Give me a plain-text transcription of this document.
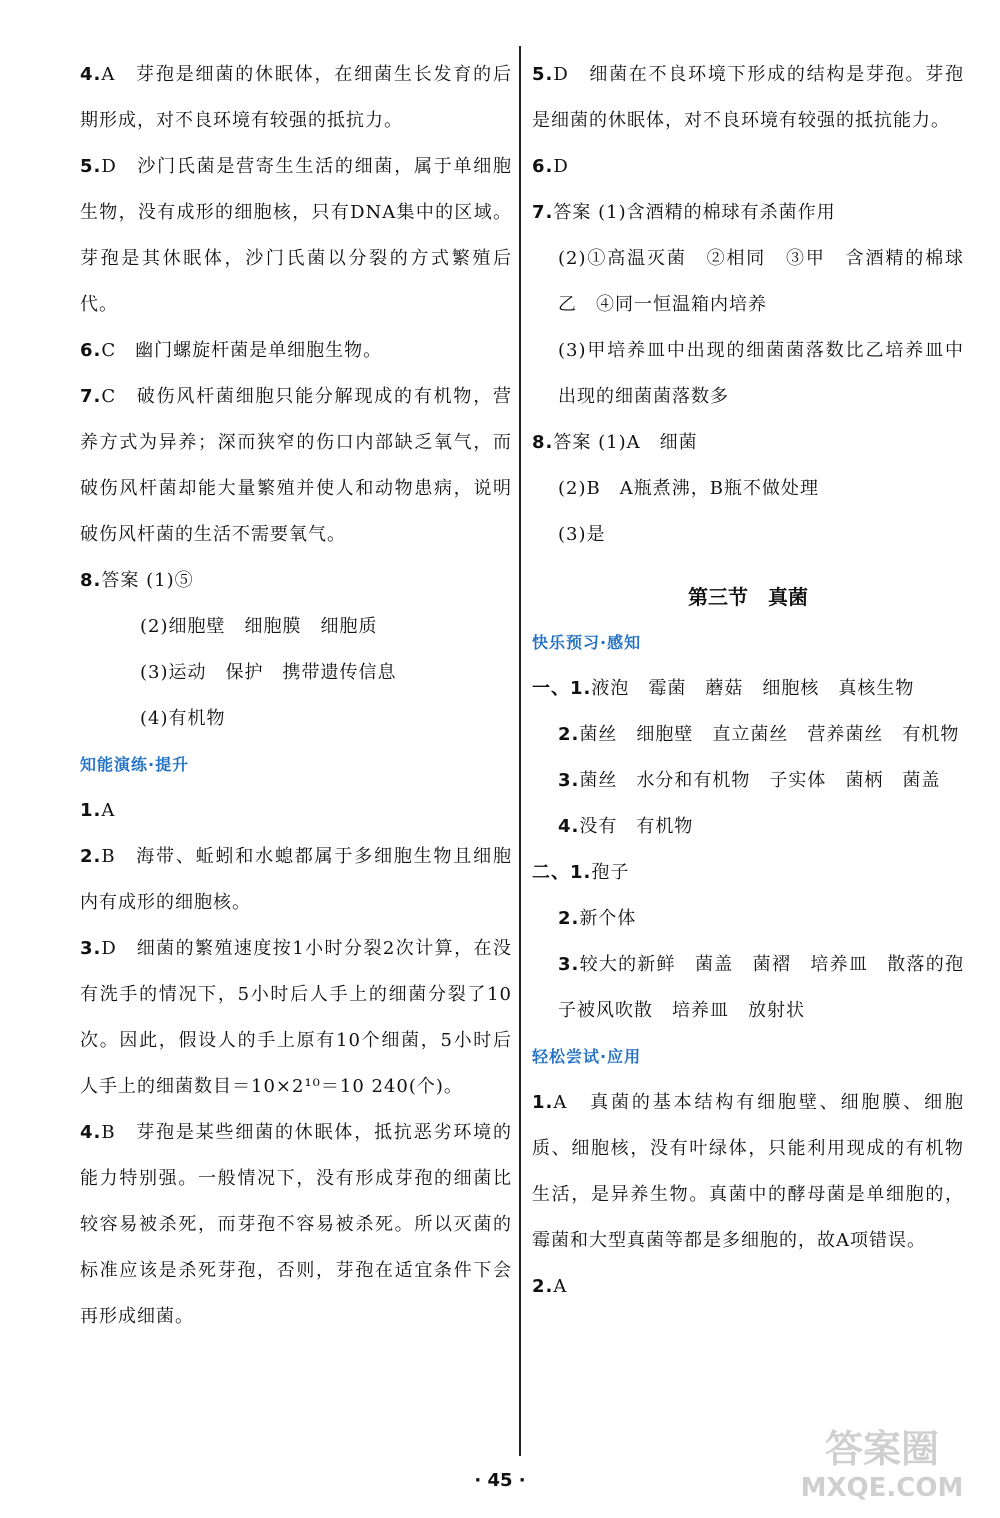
4.A　芽孢是细菌的休眠体，在细菌生长发育的后期形成，对不良环境有较强的抵抗力。

5.D　沙门氏菌是营寄生生活的细菌，属于单细胞生物，没有成形的细胞核，只有DNA集中的区域。芽孢是其休眠体，沙门氏菌以分裂的方式繁殖后代。

6.C　幽门螺旋杆菌是单细胞生物。

7.C　破伤风杆菌细胞只能分解现成的有机物，营养方式为异养；深而狭窄的伤口内部缺乏氧气，而破伤风杆菌却能大量繁殖并使人和动物患病，说明破伤风杆菌的生活不需要氧气。

8.答案 (1)⑤

(2)细胞壁　细胞膜　细胞质

(3)运动　保护　携带遗传信息

(4)有机物

知能演练·提升

1.A

2.B　海带、蚯蚓和水螅都属于多细胞生物且细胞内有成形的细胞核。

3.D　细菌的繁殖速度按1小时分裂2次计算，在没有洗手的情况下，5小时后人手上的细菌分裂了10次。因此，假设人的手上原有10个细菌，5小时后人手上的细菌数目＝10×2¹⁰＝10 240(个)。

4.B　芽孢是某些细菌的休眠体，抵抗恶劣环境的能力特别强。一般情况下，没有形成芽孢的细菌比较容易被杀死，而芽孢不容易被杀死。所以灭菌的标准应该是杀死芽孢，否则，芽孢在适宜条件下会再形成细菌。

5.D　细菌在不良环境下形成的结构是芽孢。芽孢是细菌的休眠体，对不良环境有较强的抵抗能力。

6.D

7.答案 (1)含酒精的棉球有杀菌作用

(2)①高温灭菌　②相同　③甲　含酒精的棉球　乙　④同一恒温箱内培养

(3)甲培养皿中出现的细菌菌落数比乙培养皿中出现的细菌菌落数多

8.答案 (1)A　细菌

(2)B　A瓶煮沸，B瓶不做处理

(3)是

第三节　真菌
快乐预习·感知

一、1.液泡　霉菌　蘑菇　细胞核　真核生物

2.菌丝　细胞壁　直立菌丝　营养菌丝　有机物

3.菌丝　水分和有机物　子实体　菌柄　菌盖

4.没有　有机物

二、1.孢子

2.新个体

3.较大的新鲜　菌盖　菌褶　培养皿　散落的孢子被风吹散　培养皿　放射状

轻松尝试·应用

1.A　真菌的基本结构有细胞壁、细胞膜、细胞质、细胞核，没有叶绿体，只能利用现成的有机物生活，是异养生物。真菌中的酵母菌是单细胞的，霉菌和大型真菌等都是多细胞的，故A项错误。

2.A

· 45 ·
答案圈
MXQE.COM
